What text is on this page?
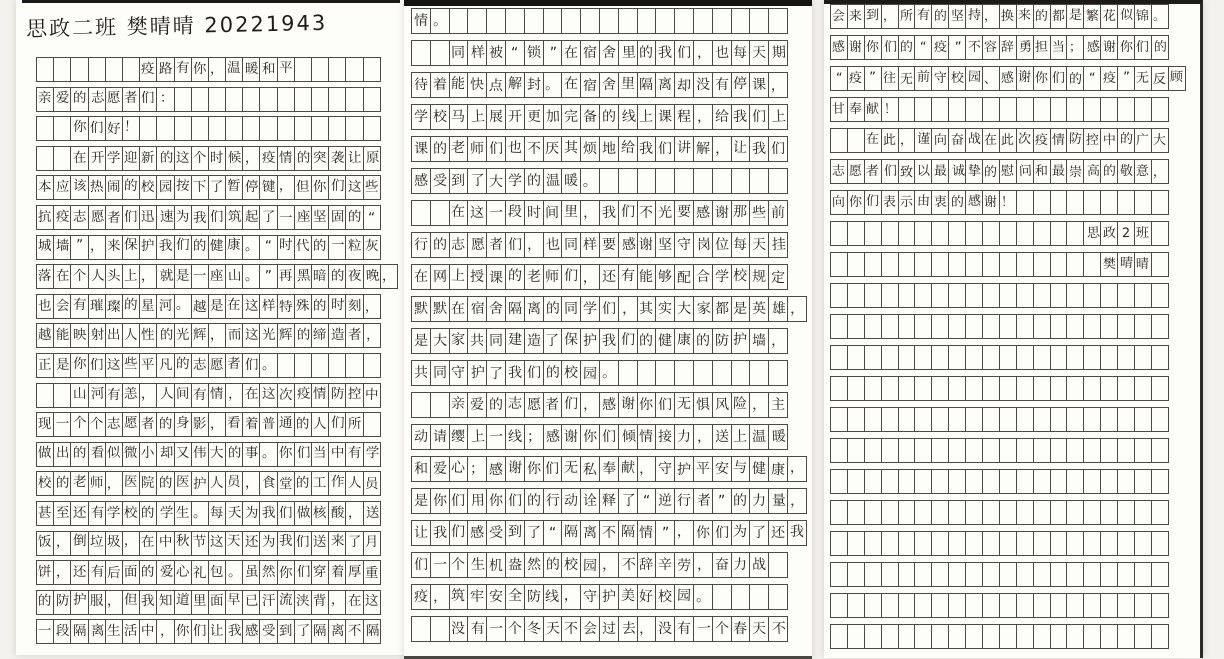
思政二班 樊晴晴 20221943
疫 路 有 你 ， 温 暖 和 平
亲 爱 的 志 愿 者 们 ：
你 们 好 ！
在 开 学 迎 新 的 这 个 时 候 ， 疫 情 的 突 袭 让 原
本 应 该 热 闹 的 校 园 按 下 了 暂 停 键 ， 但 你 们 这 些
抗 疫 志 愿 者 们 迅 速 为 我 们 筑 起 了 一 座 坚 固 的 “
城 墙 ” ， 来 保 护 我 们 的 健 康 。 “ 时 代 的 一 粒 灰
落 在 个 人 头 上 ， 就 是 一 座 山 。 ” 再 黑 暗 的 夜 晚 ，
也 会 有 璀 璨 的 星 河 。 越 是 在 这 样 特 殊 的 时 刻 ，
越 能 映 射 出 人 性 的 光 辉 ， 而 这 光 辉 的 缔 造 者 ，
正 是 你 们 这 些 平 凡 的 志 愿 者 们 。
山 河 有 恙 ， 人 间 有 情 ， 在 这 次 疫 情 防 控 中
现 一 个 个 志 愿 者 的 身 影 ， 看 着 普 通 的 人 们 所
做 出 的 看 似 微 小 却 又 伟 大 的 事 。 你 们 当 中 有 学
校 的 老 师 ， 医 院 的 医 护 人 员 ， 食 堂 的 工 作 人 员
甚 至 还 有 学 校 的 学 生 。 每 天 为 我 们 做 核 酸 ， 送
饭 ， 倒 垃 圾 ， 在 中 秋 节 这 天 还 为 我 们 送 来 了 月
饼 ， 还 有 后 面 的 爱 心 礼 包 。 虽 然 你 们 穿 着 厚 重
的 防 护 服 ， 但 我 知 道 里 面 早 已 汗 流 浃 背 ， 在 这
一 段 隔 离 生 活 中 ， 你 们 让 我 感 受 到 了 隔 离 不 隔
情 。
同 样 被 “ 锁 ” 在 宿 舍 里 的 我 们 ， 也 每 天 期
待 着 能 快 点 解 封 。 在 宿 舍 里 隔 离 却 没 有 停 课 ，
学 校 马 上 展 开 更 加 完 备 的 线 上 课 程 ， 给 我 们 上
课 的 老 师 们 也 不 厌 其 烦 地 给 我 们 讲 解 ， 让 我 们
感 受 到 了 大 学 的 温 暖 。
在 这 一 段 时 间 里 ， 我 们 不 光 要 感 谢 那 些 前
行 的 志 愿 者 们 ， 也 同 样 要 感 谢 坚 守 岗 位 每 天 挂
在 网 上 授 课 的 老 师 们 ， 还 有 能 够 配 合 学 校 规 定
默 默 在 宿 舍 隔 离 的 同 学 们 ， 其 实 大 家 都 是 英 雄 ，
是 大 家 共 同 建 造 了 保 护 我 们 的 健 康 的 防 护 墙 ，
共 同 守 护 了 我 们 的 校 园 。
亲 爱 的 志 愿 者 们 ， 感 谢 你 们 无 惧 风 险 ， 主
动 请 缨 上 一 线 ； 感 谢 你 们 倾 情 接 力 ， 送 上 温 暖
和 爱 心 ； 感 谢 你 们 无 私 奉 献 ， 守 护 平 安 与 健 康 ，
是 你 们 用 你 们 的 行 动 诠 释 了 “ 逆 行 者 ” 的 力 量 ，
让 我 们 感 受 到 了 “ 隔 离 不 隔 情 ” ， 你 们 为 了 还 我
们 一 个 生 机 盎 然 的 校 园 ， 不 辞 辛 劳 ， 奋 力 战
疫 ， 筑 牢 安 全 防 线 ， 守 护 美 好 校 园 。
没 有 一 个 冬 天 不 会 过 去 ， 没 有 一 个 春 天 不
会 来 到 ， 所 有 的 坚 持 ， 换 来 的 都 是 繁 花 似 锦 。
感 谢 你 们 的 “ 疫 ” 不 容 辞 勇 担 当 ； 感 谢 你 们 的
“ 疫 ” 往 无 前 守 校 园 、 感 谢 你 们 的 “ 疫 ” 无 反 顾
甘 奉 献 ！
在 此 ， 谨 向 奋 战 在 此 次 疫 情 防 控 中 的 广 大
志 愿 者 们 致 以 最 诚 挚 的 慰 问 和 最 崇 高 的 敬 意 ，
向 你 们 表 示 由 衷 的 感 谢 ！
思 政 2 班
樊 晴 晴
